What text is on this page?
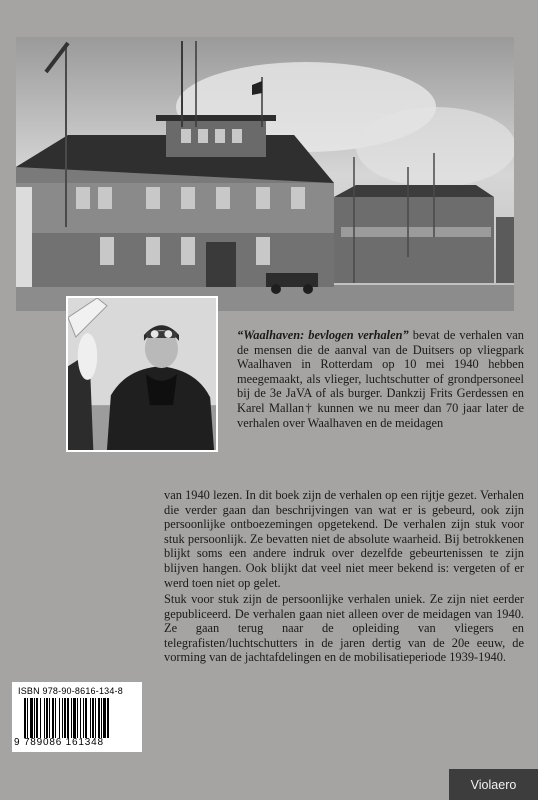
“Waalhaven: bevlogen verhalen” bevat de verhalen van de mensen die de aanval van de Duitsers op vliegpark Waalhaven in Rotterdam op 10 mei 1940 hebben meegemaakt, als vlieger, luchtschutter of grondpersoneel bij de 3e JaVA of als burger. Dankzij Frits Gerdessen en Karel Mallan† kunnen we nu meer dan 70 jaar later de verhalen over Waalhaven en de meidagen

van 1940 lezen. In dit boek zijn de verhalen op een rijtje gezet. Verhalen die verder gaan dan beschrijvingen van wat er is gebeurd, ook zijn persoonlijke ontboezemingen opgetekend. De verhalen zijn stuk voor stuk persoonlijk. Ze bevatten niet de absolute waarheid. Bij betrokkenen blijkt soms een andere indruk over dezelfde gebeurtenissen te zijn blijven hangen. Ook blijkt dat veel niet meer bekend is: vergeten of er werd toen niet op gelet.

Stuk voor stuk zijn de persoonlijke verhalen uniek. Ze zijn niet eerder gepubliceerd. De verhalen gaan niet alleen over de meidagen van 1940. Ze gaan terug naar de opleiding van vliegers en telegrafisten/luchtschutters in de jaren dertig van de 20e eeuw, de vorming van de jachtafdelingen en de mobilisatieperiode 1939-1940.

ISBN 978-90-8616-134-8
9 789086 161348
Violaero
